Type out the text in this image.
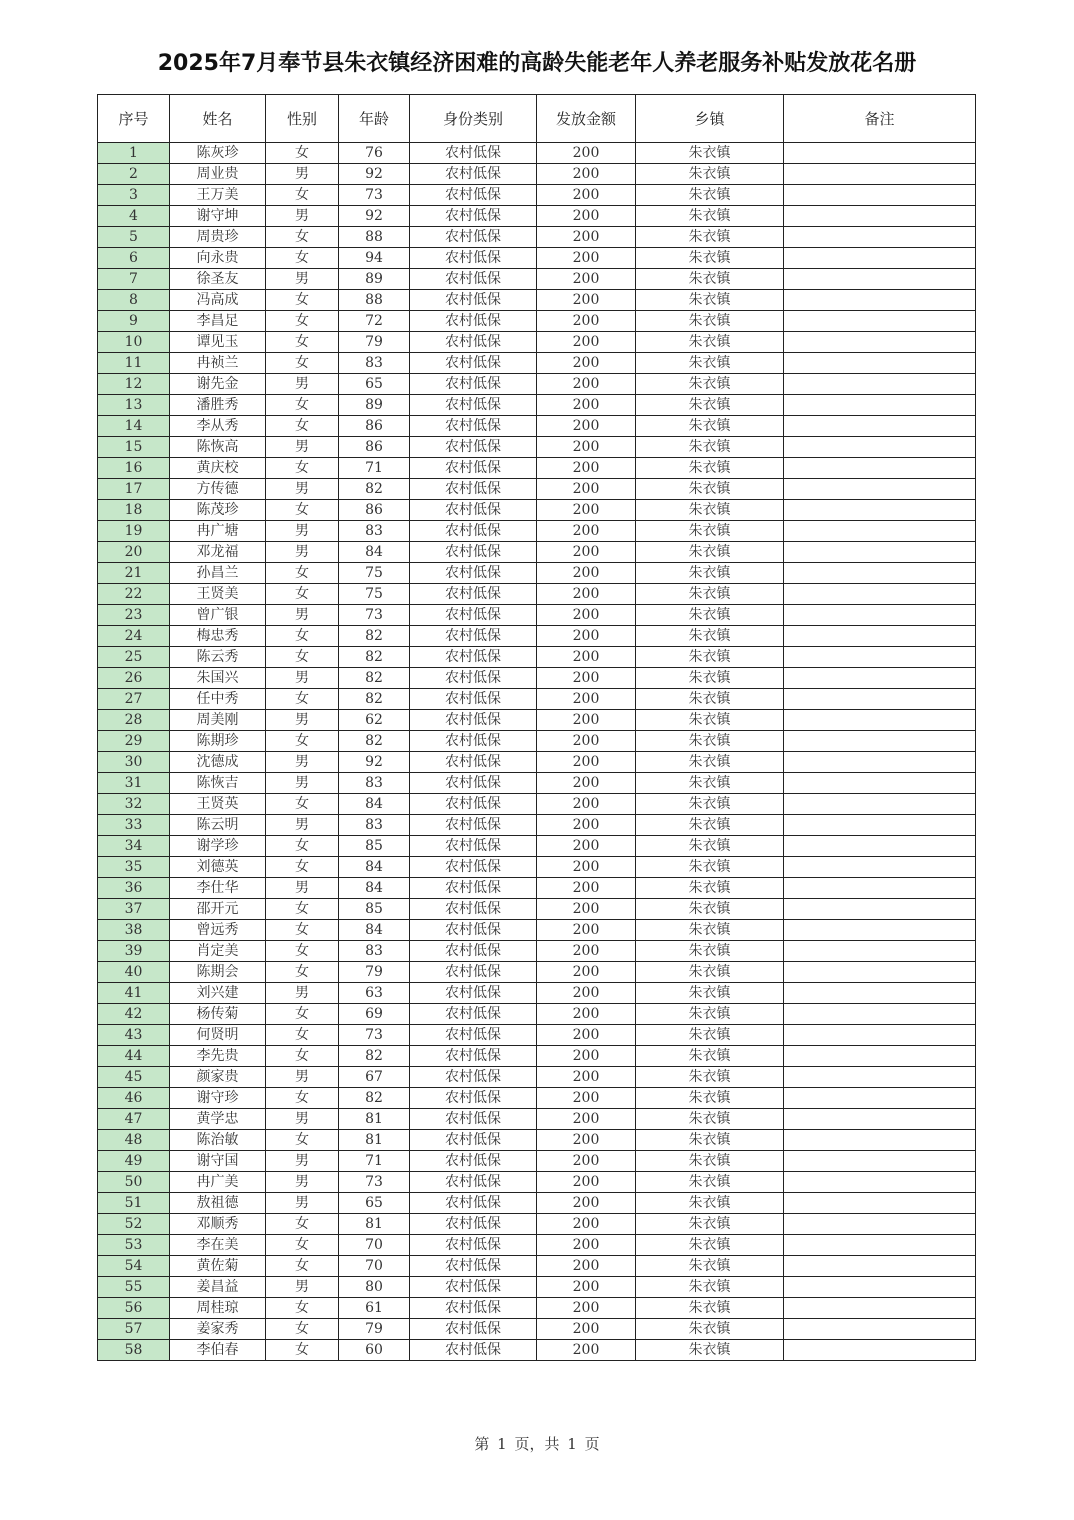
2025年7月奉节县朱衣镇经济困难的高龄失能老年人养老服务补贴发放花名册
序号	姓名	性别	年龄	身份类别	发放金额	乡镇	备注
1	陈灰珍	女	76	农村低保	200	朱衣镇	
2	周业贵	男	92	农村低保	200	朱衣镇	
3	王万美	女	73	农村低保	200	朱衣镇	
4	谢守坤	男	92	农村低保	200	朱衣镇	
5	周贵珍	女	88	农村低保	200	朱衣镇	
6	向永贵	女	94	农村低保	200	朱衣镇	
7	徐圣友	男	89	农村低保	200	朱衣镇	
8	冯高成	女	88	农村低保	200	朱衣镇	
9	李昌足	女	72	农村低保	200	朱衣镇	
10	谭见玉	女	79	农村低保	200	朱衣镇	
11	冉祯兰	女	83	农村低保	200	朱衣镇	
12	谢先金	男	65	农村低保	200	朱衣镇	
13	潘胜秀	女	89	农村低保	200	朱衣镇	
14	李从秀	女	86	农村低保	200	朱衣镇	
15	陈恢高	男	86	农村低保	200	朱衣镇	
16	黄庆校	女	71	农村低保	200	朱衣镇	
17	方传德	男	82	农村低保	200	朱衣镇	
18	陈茂珍	女	86	农村低保	200	朱衣镇	
19	冉广塘	男	83	农村低保	200	朱衣镇	
20	邓龙福	男	84	农村低保	200	朱衣镇	
21	孙昌兰	女	75	农村低保	200	朱衣镇	
22	王贤美	女	75	农村低保	200	朱衣镇	
23	曾广银	男	73	农村低保	200	朱衣镇	
24	梅忠秀	女	82	农村低保	200	朱衣镇	
25	陈云秀	女	82	农村低保	200	朱衣镇	
26	朱国兴	男	82	农村低保	200	朱衣镇	
27	任中秀	女	82	农村低保	200	朱衣镇	
28	周美刚	男	62	农村低保	200	朱衣镇	
29	陈期珍	女	82	农村低保	200	朱衣镇	
30	沈德成	男	92	农村低保	200	朱衣镇	
31	陈恢吉	男	83	农村低保	200	朱衣镇	
32	王贤英	女	84	农村低保	200	朱衣镇	
33	陈云明	男	83	农村低保	200	朱衣镇	
34	谢学珍	女	85	农村低保	200	朱衣镇	
35	刘德英	女	84	农村低保	200	朱衣镇	
36	李仕华	男	84	农村低保	200	朱衣镇	
37	邵开元	女	85	农村低保	200	朱衣镇	
38	曾远秀	女	84	农村低保	200	朱衣镇	
39	肖定美	女	83	农村低保	200	朱衣镇	
40	陈期会	女	79	农村低保	200	朱衣镇	
41	刘兴建	男	63	农村低保	200	朱衣镇	
42	杨传菊	女	69	农村低保	200	朱衣镇	
43	何贤明	女	73	农村低保	200	朱衣镇	
44	李先贵	女	82	农村低保	200	朱衣镇	
45	颜家贵	男	67	农村低保	200	朱衣镇	
46	谢守珍	女	82	农村低保	200	朱衣镇	
47	黄学忠	男	81	农村低保	200	朱衣镇	
48	陈治敏	女	81	农村低保	200	朱衣镇	
49	谢守国	男	71	农村低保	200	朱衣镇	
50	冉广美	男	73	农村低保	200	朱衣镇	
51	敖祖德	男	65	农村低保	200	朱衣镇	
52	邓顺秀	女	81	农村低保	200	朱衣镇	
53	李在美	女	70	农村低保	200	朱衣镇	
54	黄佐菊	女	70	农村低保	200	朱衣镇	
55	姜昌益	男	80	农村低保	200	朱衣镇	
56	周桂琼	女	61	农村低保	200	朱衣镇	
57	姜家秀	女	79	农村低保	200	朱衣镇	
58	李伯春	女	60	农村低保	200	朱衣镇	
第 1 页，共 1 页
